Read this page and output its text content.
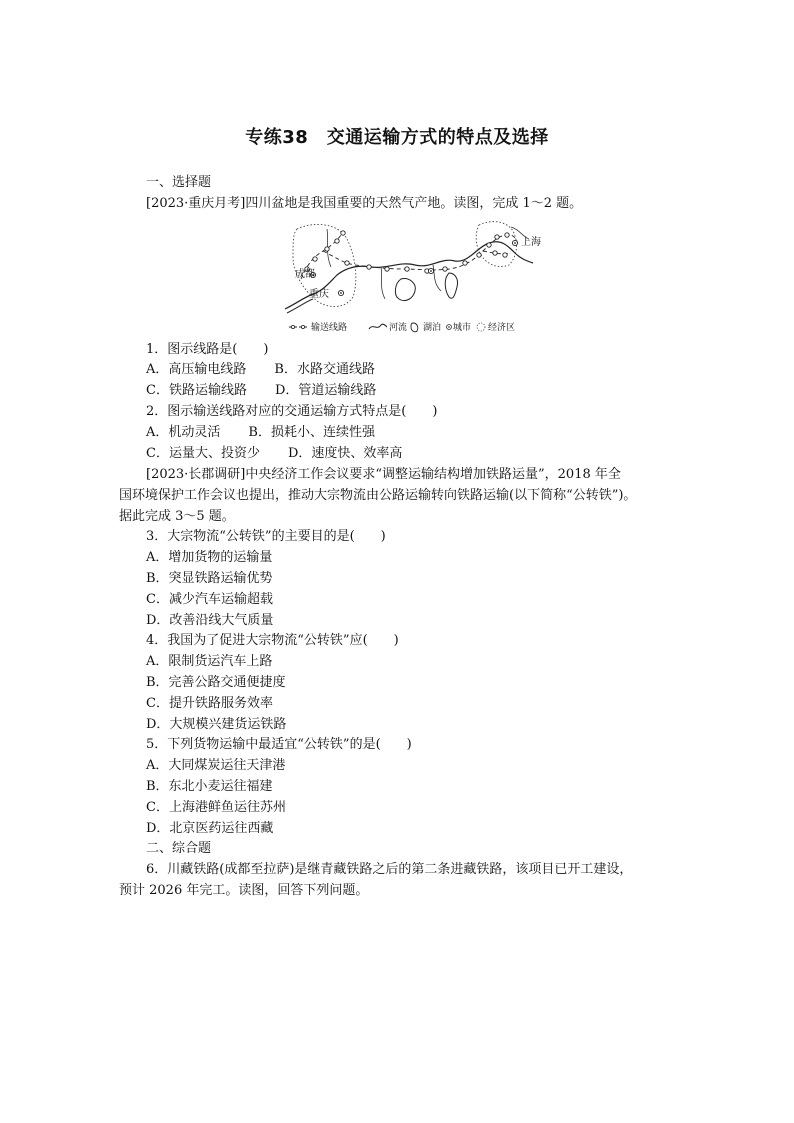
专练38　交通运输方式的特点及选择
一、选择题
[2023·重庆月考]四川盆地是我国重要的天然气产地。读图，完成 1～2 题。
成都
重庆
上海
输送线路	河流 湖泊 城市 经济区
1．图示线路是(　　)
A．高压输电线路 B．水路交通线路
C．铁路运输线路 D．管道运输线路
2．图示输送线路对应的交通运输方式特点是(　　)
A．机动灵活 B．损耗小、连续性强
C．运量大、投资少 D．速度快、效率高
[2023·长郡调研]中央经济工作会议要求“调整运输结构增加铁路运量”，2018 年全
国环境保护工作会议也提出，推动大宗物流由公路运输转向铁路运输(以下简称“公转铁”)。
据此完成 3～5 题。
3．大宗物流“公转铁”的主要目的是(　　)
A．增加货物的运输量
B．突显铁路运输优势
C．减少汽车运输超载
D．改善沿线大气质量
4．我国为了促进大宗物流“公转铁”应(　　)
A．限制货运汽车上路
B．完善公路交通便捷度
C．提升铁路服务效率
D．大规模兴建货运铁路
5．下列货物运输中最适宜“公转铁”的是(　　)
A．大同煤炭运往天津港
B．东北小麦运往福建
C．上海港鲜鱼运往苏州
D．北京医药运往西藏
二、综合题
6．川藏铁路(成都至拉萨)是继青藏铁路之后的第二条进藏铁路，该项目已开工建设，
预计 2026 年完工。读图，回答下列问题。
